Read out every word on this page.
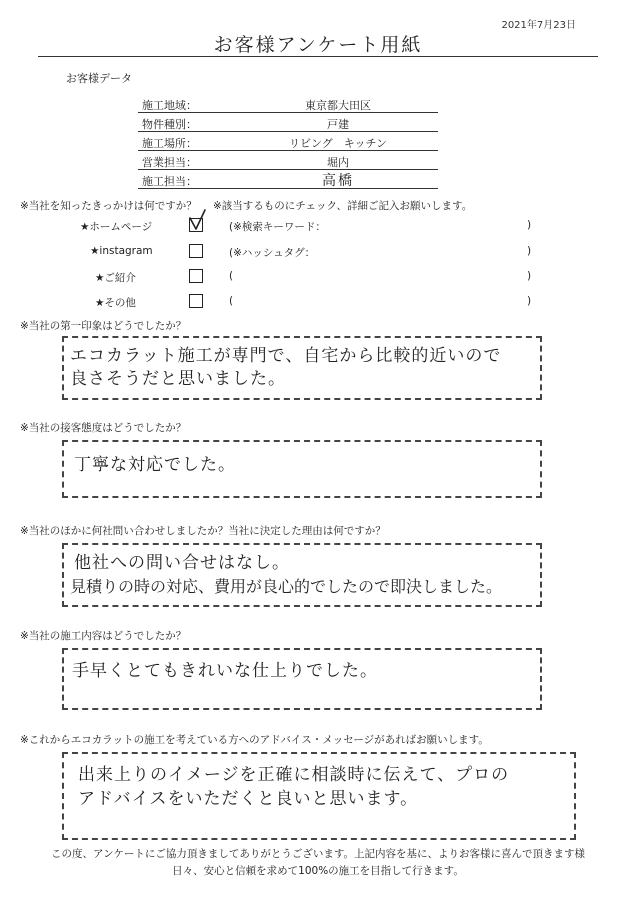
2021年7月23日
お客様アンケート用紙
お客様データ
施工地域：	東京都大田区
物件種別：	戸建
施工場所：	リビング　キッチン
営業担当：	堀内
施工担当：	高橋
※当社を知ったきっかけは何ですか？ ※該当するものにチェック、詳細ご記入お願いします。
★ホームページ	(※検索キーワード：	)
★instagram	(※ハッシュタグ：	)
★ご紹介	(	)
★その他	(	)
※当社の第一印象はどうでしたか？
エコカラット施工が専門で、自宅から比較的近いので
良さそうだと思いました。
※当社の接客態度はどうでしたか？
丁寧な対応でした。
※当社のほかに何社問い合わせしましたか？当社に決定した理由は何ですか？
他社への問い合せはなし。
見積りの時の対応、費用が良心的でしたので即決しました。
※当社の施工内容はどうでしたか？
手早くとてもきれいな仕上りでした。
※これからエコカラットの施工を考えている方へのアドバイス・メッセージがあればお願いします。
出来上りのイメージを正確に相談時に伝えて、プロの
アドバイスをいただくと良いと思います。
この度、アンケートにご協力頂きましてありがとうございます。上記内容を基に、よりお客様に喜んで頂きます様
日々、安心と信頼を求めて100%の施工を目指して行きます。
